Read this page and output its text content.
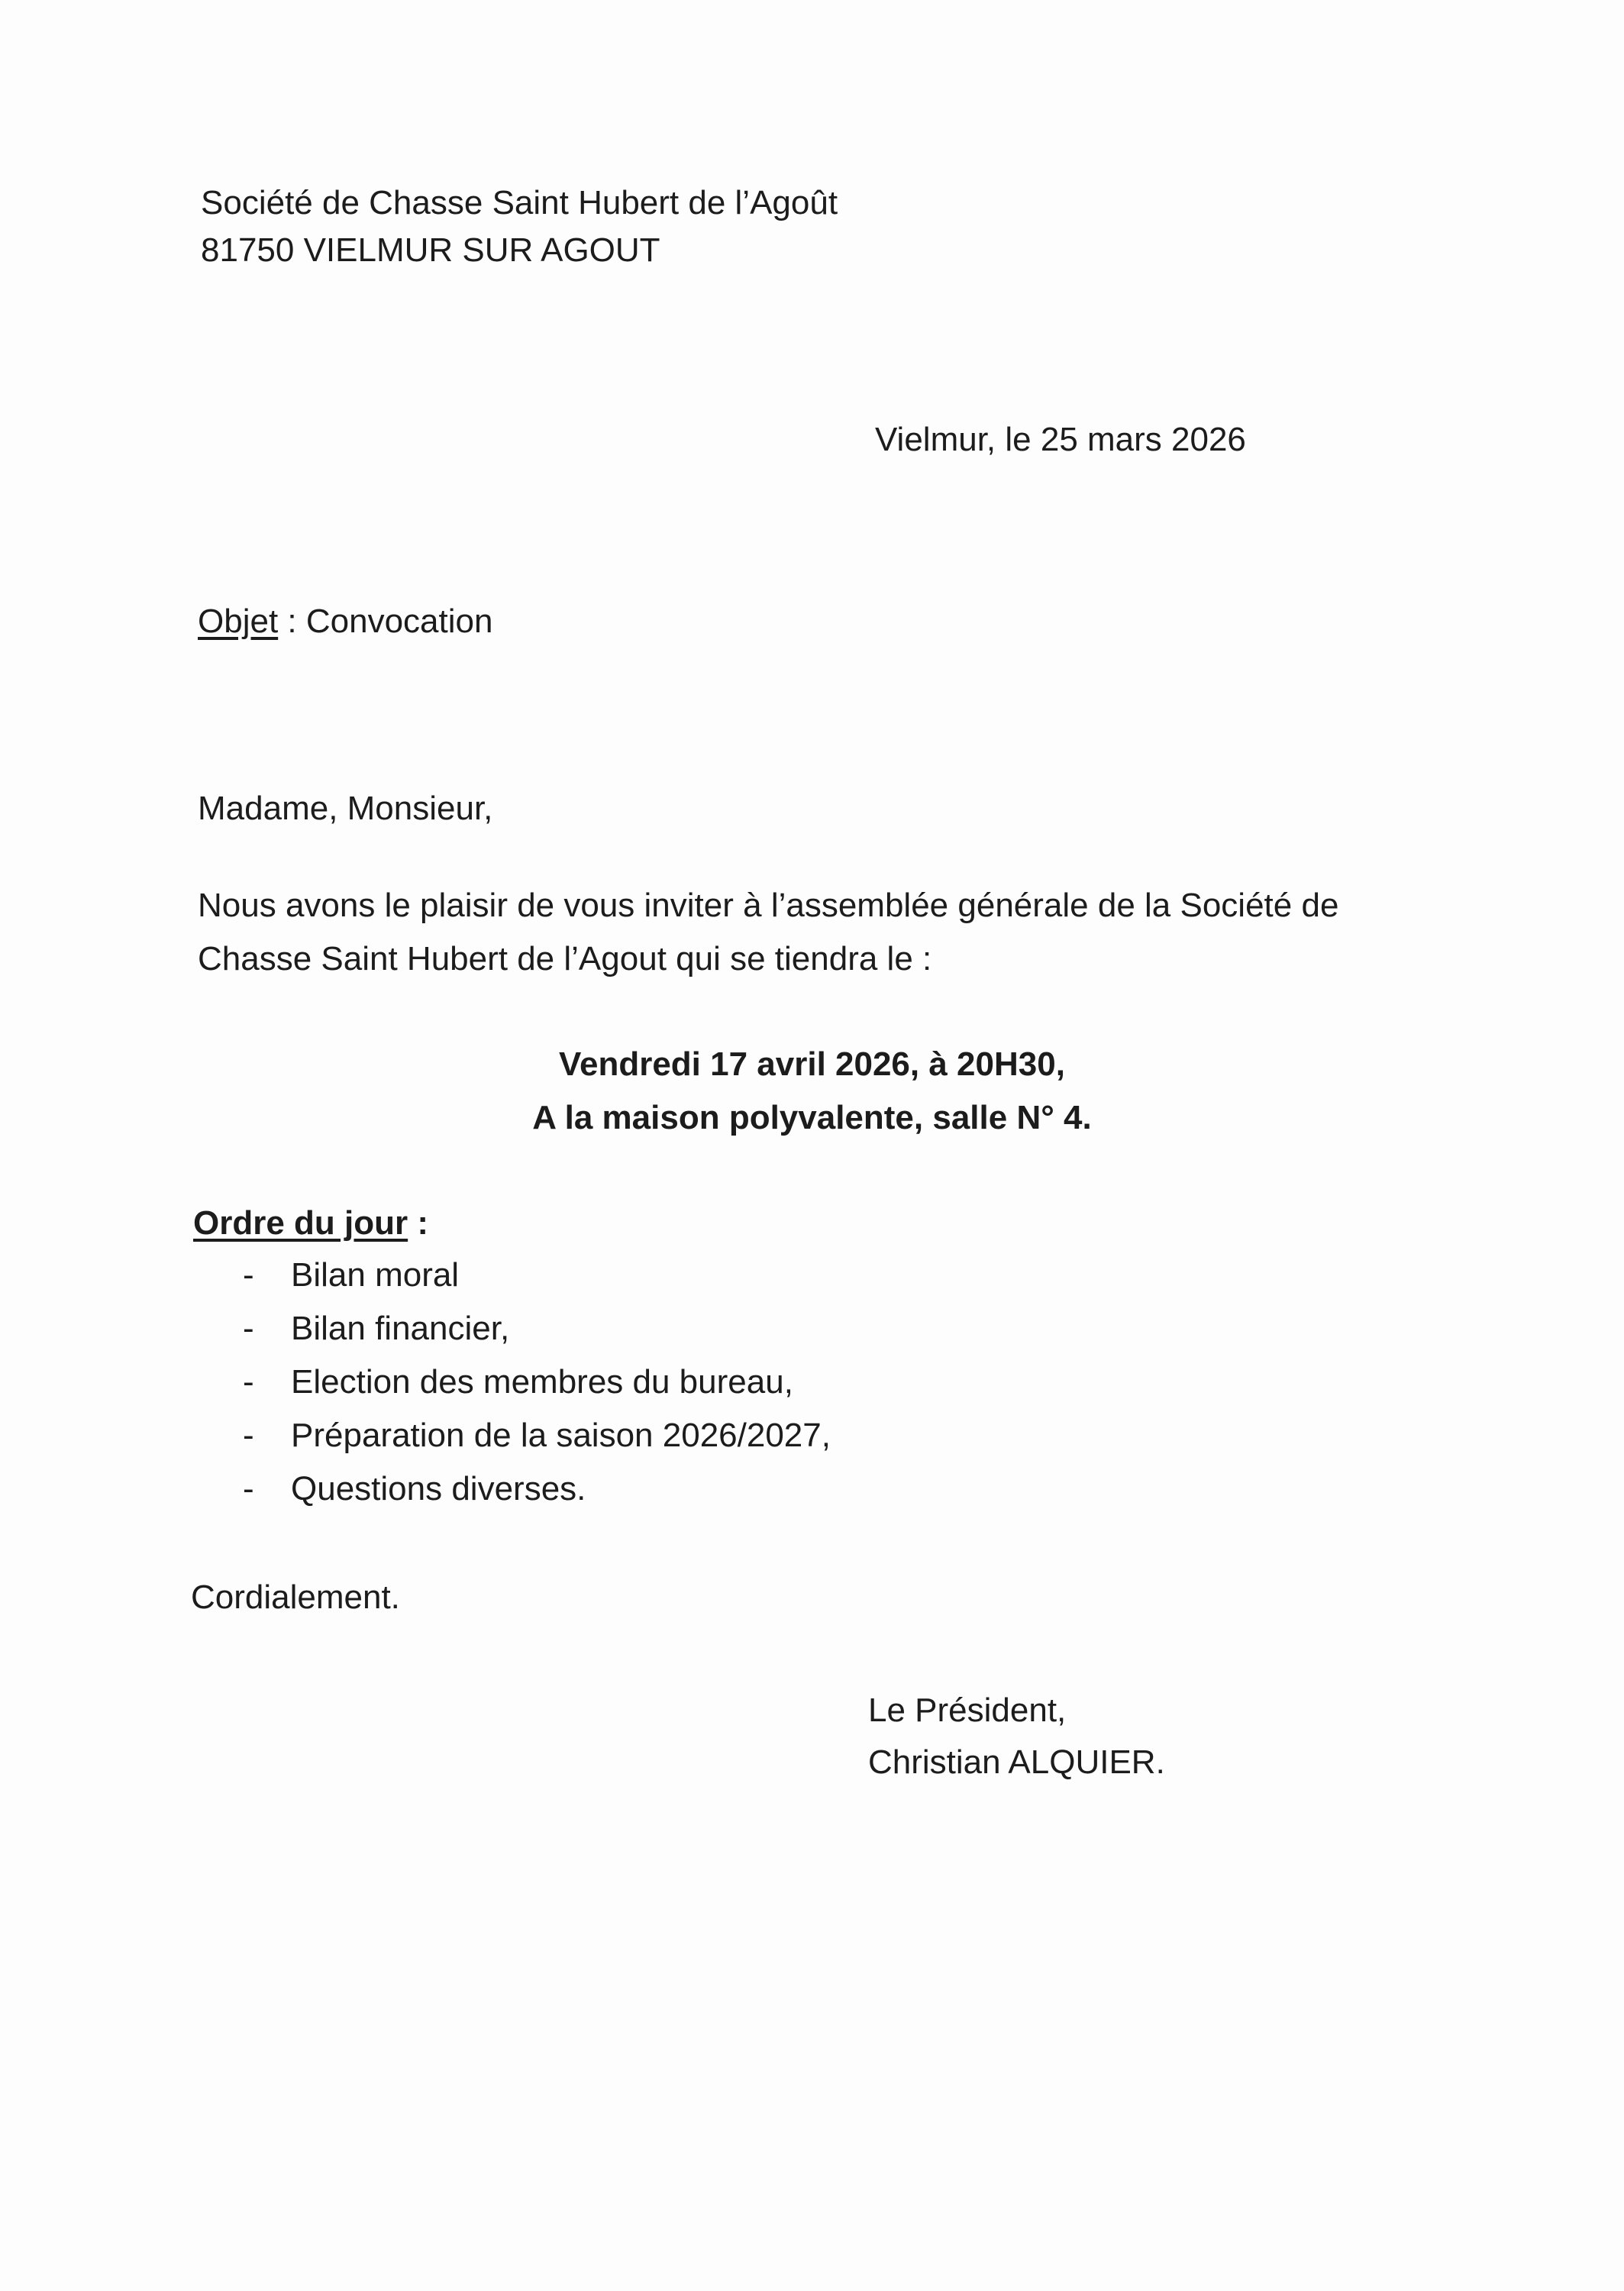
Société de Chasse Saint Hubert de l’Agoût

81750 VIELMUR SUR AGOUT

Vielmur, le 25 mars 2026

Objet : Convocation

Madame, Monsieur,

Nous avons le plaisir de vous inviter à l’assemblée générale de la Société de

Chasse Saint Hubert de l’Agout qui se tiendra le :

Vendredi 17 avril 2026, à 20H30,

A la maison polyvalente, salle N° 4.

Ordre du jour :

- Bilan moral
- Bilan financier,
- Election des membres du bureau,
- Préparation de la saison 2026/2027,
- Questions diverses.

Cordialement.

Le Président,

Christian ALQUIER.
